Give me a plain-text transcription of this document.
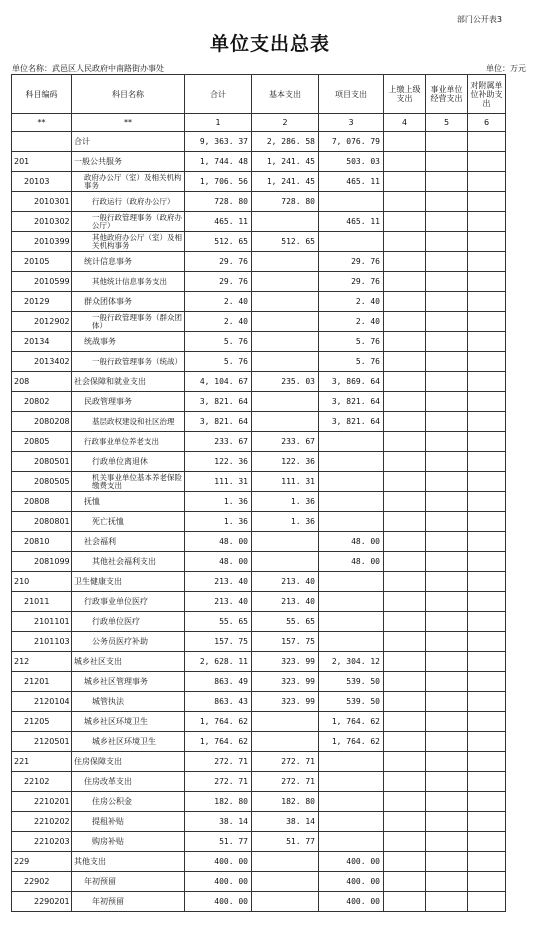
部门公开表3
单位支出总表
单位名称：武邑区人民政府中南路街办事处	单位：万元
科目编码	科目名称	合计	基本支出	项目支出	上缴上级支出	事业单位经营支出	对附属单位补助支出
**	**	1	2	3	4	5	6
	合计	9, 363. 37	2, 286. 58	7, 076. 79			
201	一般公共服务	1, 744. 48	1, 241. 45	503. 03			
20103	政府办公厅（室）及相关机构事务	1, 706. 56	1, 241. 45	465. 11			
2010301	行政运行（政府办公厅）	728. 80	728. 80				
2010302	一般行政管理事务（政府办公厅）	465. 11		465. 11			
2010399	其他政府办公厅（室）及相关机构事务	512. 65	512. 65				
20105	统计信息事务	29. 76		29. 76			
2010599	其他统计信息事务支出	29. 76		29. 76			
20129	群众团体事务	2. 40		2. 40			
2012902	一般行政管理事务（群众团体）	2. 40		2. 40			
20134	统战事务	5. 76		5. 76			
2013402	一般行政管理事务（统战）	5. 76		5. 76			
208	社会保障和就业支出	4, 104. 67	235. 03	3, 869. 64			
20802	民政管理事务	3, 821. 64		3, 821. 64			
2080208	基层政权建设和社区治理	3, 821. 64		3, 821. 64			
20805	行政事业单位养老支出	233. 67	233. 67				
2080501	行政单位离退休	122. 36	122. 36				
2080505	机关事业单位基本养老保险缴费支出	111. 31	111. 31				
20808	抚恤	1. 36	1. 36				
2080801	死亡抚恤	1. 36	1. 36				
20810	社会福利	48. 00		48. 00			
2081099	其他社会福利支出	48. 00		48. 00			
210	卫生健康支出	213. 40	213. 40				
21011	行政事业单位医疗	213. 40	213. 40				
2101101	行政单位医疗	55. 65	55. 65				
2101103	公务员医疗补助	157. 75	157. 75				
212	城乡社区支出	2, 628. 11	323. 99	2, 304. 12			
21201	城乡社区管理事务	863. 49	323. 99	539. 50			
2120104	城管执法	863. 43	323. 99	539. 50			
21205	城乡社区环境卫生	1, 764. 62		1, 764. 62			
2120501	城乡社区环境卫生	1, 764. 62		1, 764. 62			
221	住房保障支出	272. 71	272. 71				
22102	住房改革支出	272. 71	272. 71				
2210201	住房公积金	182. 80	182. 80				
2210202	提租补贴	38. 14	38. 14				
2210203	购房补贴	51. 77	51. 77				
229	其他支出	400. 00		400. 00			
22902	年初预留	400. 00		400. 00			
2290201	年初预留	400. 00		400. 00			
